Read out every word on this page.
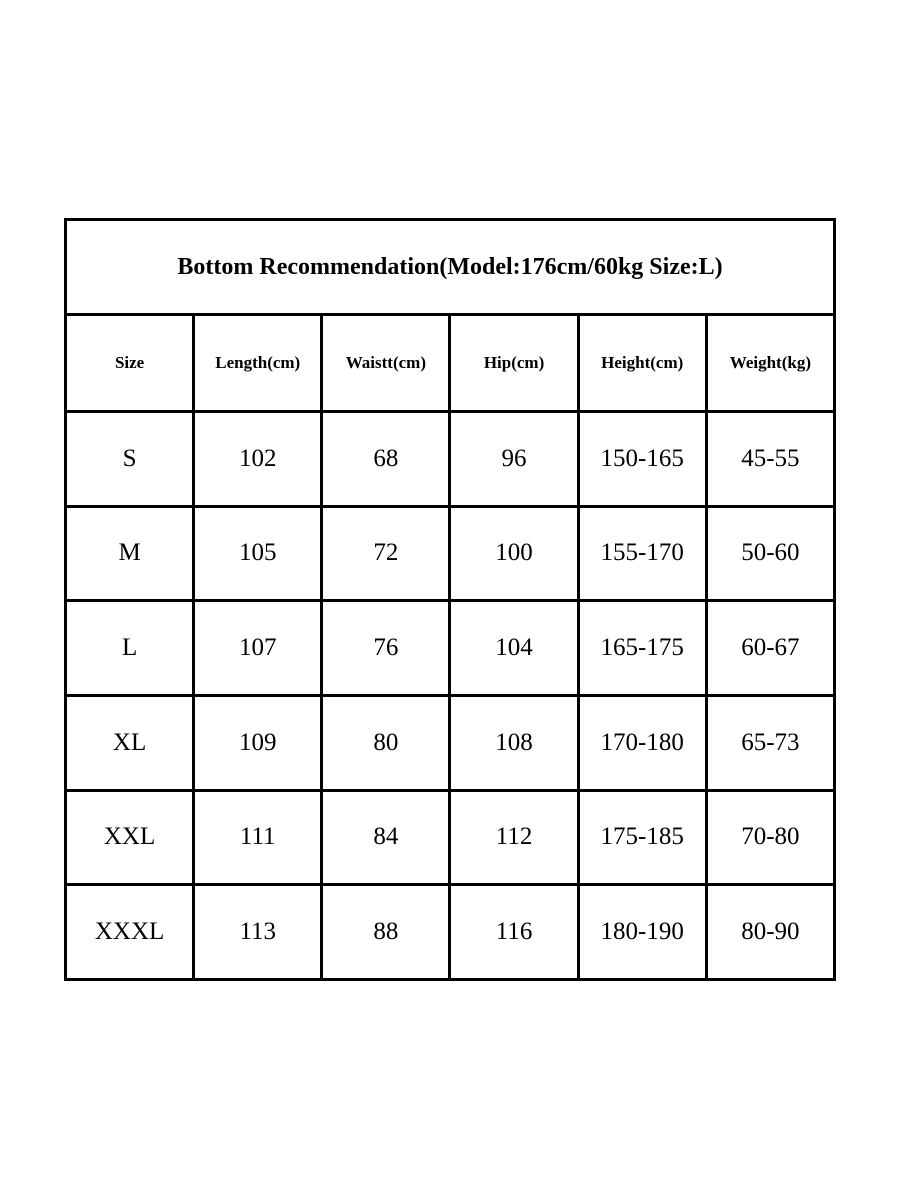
Bottom Recommendation(Model:176cm/60kg Size:L)					
Size	Length(cm)	Waistt(cm)	Hip(cm)	Height(cm)	Weight(kg)
S	102	68	96	150-165	45-55
M	105	72	100	155-170	50-60
L	107	76	104	165-175	60-67
XL	109	80	108	170-180	65-73
XXL	111	84	112	175-185	70-80
XXXL	113	88	116	180-190	80-90
